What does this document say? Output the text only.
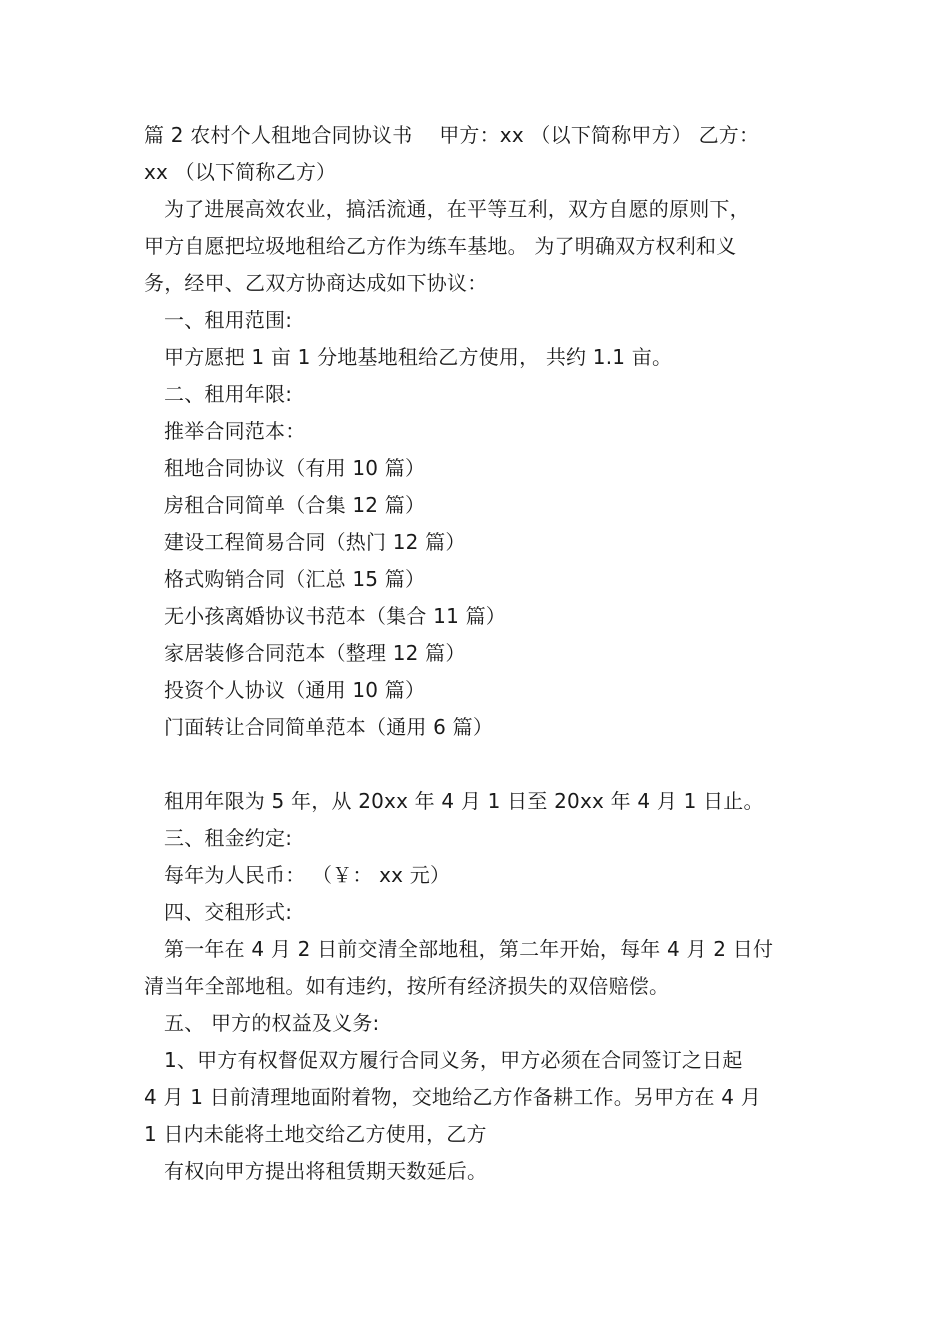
篇 2 农村个人租地合同协议书　 甲方：xx （以下简称甲方） 乙方：
xx （以下简称乙方）
为了进展高效农业，搞活流通，在平等互利，双方自愿的原则下，
甲方自愿把垃圾地租给乙方作为练车基地。 为了明确双方权利和义
务，经甲、乙双方协商达成如下协议：
一、租用范围:
甲方愿把 1 亩 1 分地基地租给乙方使用， 共约 1.1 亩。
二、租用年限:
推举合同范本：
租地合同协议（有用 10 篇）
房租合同简单（合集 12 篇）
建设工程简易合同（热门 12 篇）
格式购销合同（汇总 15 篇）
无小孩离婚协议书范本（集合 11 篇）
家居装修合同范本（整理 12 篇）
投资个人协议（通用 10 篇）
门面转让合同简单范本（通用 6 篇）
租用年限为 5 年，从 20xx 年 4 月 1 日至 20xx 年 4 月 1 日止。
三、租金约定:
每年为人民币： （￥： xx 元）
四、交租形式:
第一年在 4 月 2 日前交清全部地租，第二年开始，每年 4 月 2 日付
清当年全部地租。如有违约，按所有经济损失的双倍赔偿。
五、 甲方的权益及义务:
1、甲方有权督促双方履行合同义务，甲方必须在合同签订之日起
4 月 1 日前清理地面附着物，交地给乙方作备耕工作。另甲方在 4 月
1 日内未能将土地交给乙方使用，乙方
有权向甲方提出将租赁期天数延后。
